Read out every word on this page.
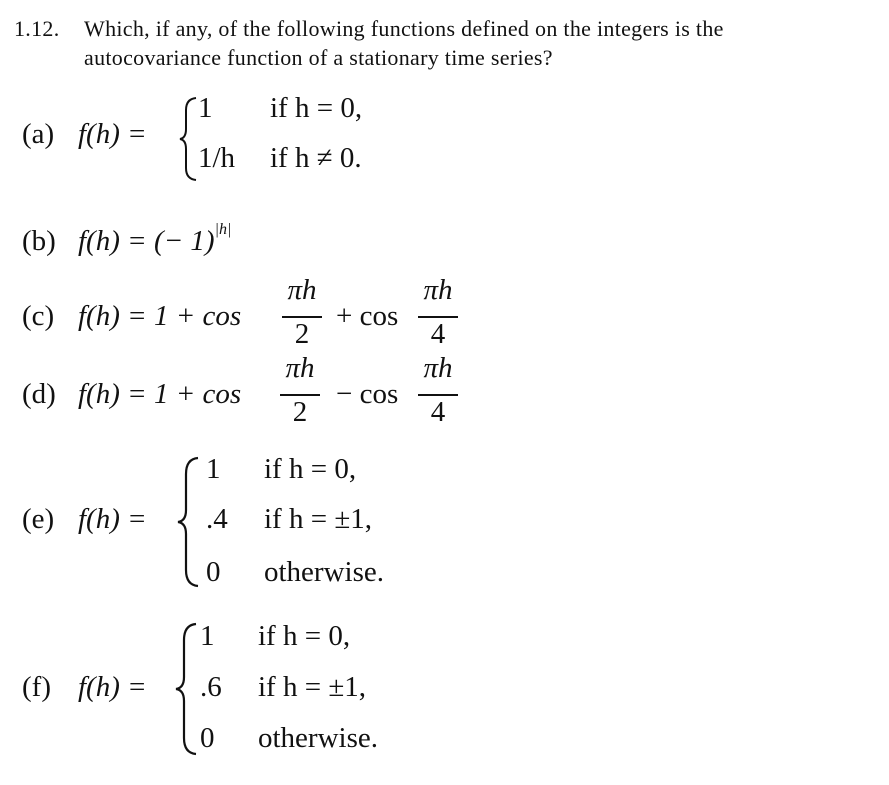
1.12. Which, if any, of the following functions defined on the integers is the
autocovariance function of a stationary time series?
(a) f(h) =
1 if h = 0,
1/h if h ≠ 0.
(b) f(h) = (− 1)$^{|h|}$
(c) f(h) = 1 + cos
πh
2
+ cos
πh
4
(d) f(h) = 1 + cos
πh
2
− cos
πh
4
(e) f(h) =
1 if h = 0,
.4 if h = ±1,
0 otherwise.
(f) f(h) =
1 if h = 0,
.6 if h = ±1,
0 otherwise.
